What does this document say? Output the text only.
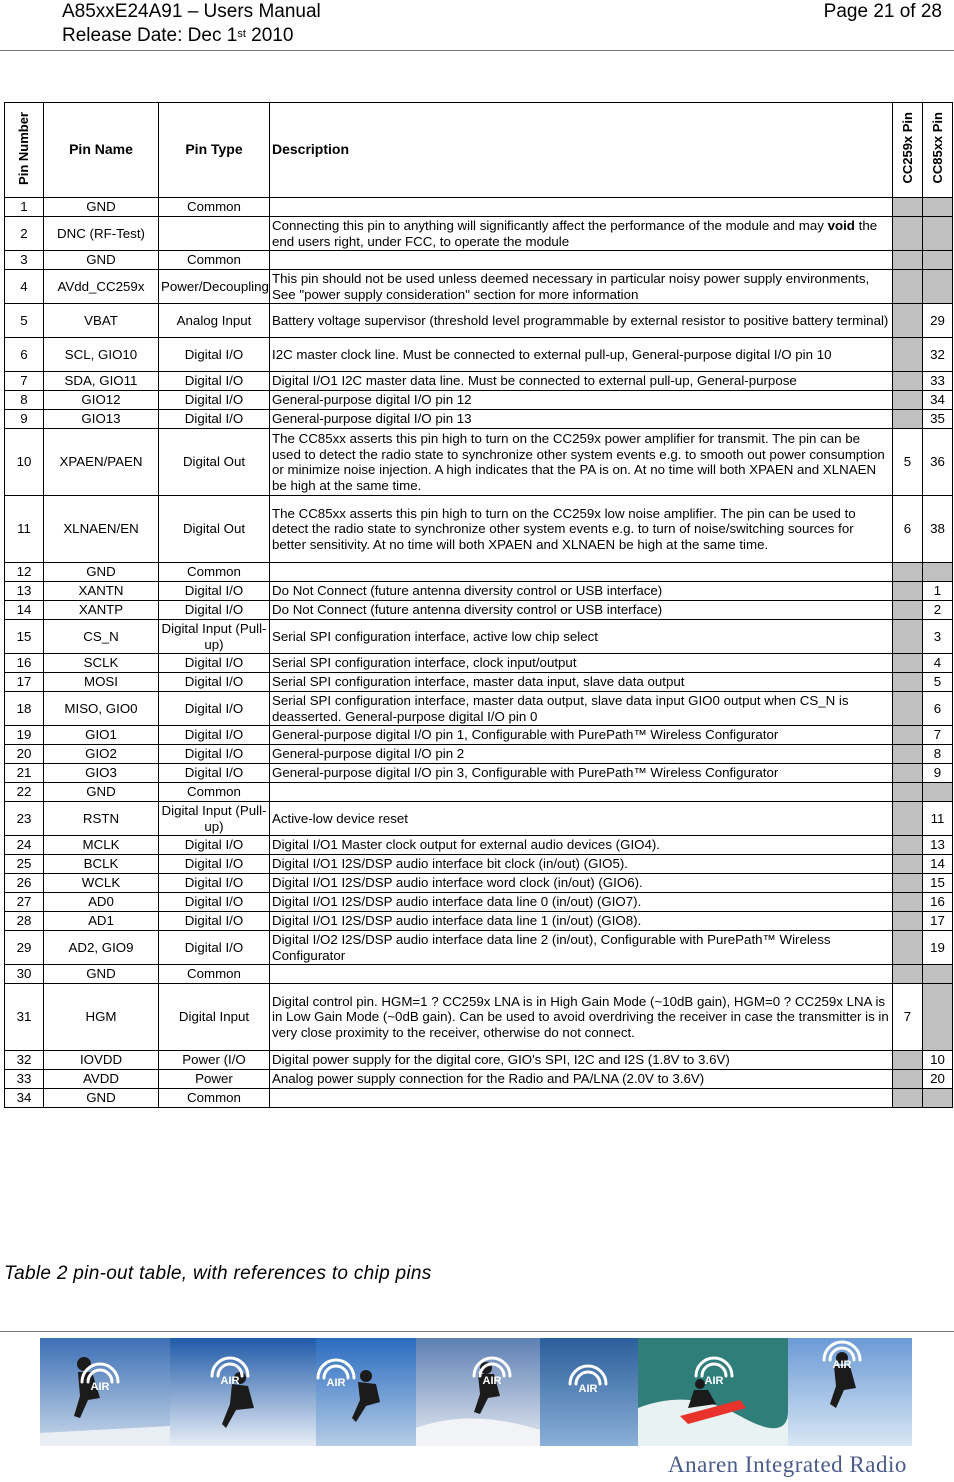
A85xxE24A91 – Users Manual
Release Date: Dec 1st 2010
Page 21 of 28
Pin Number	Pin Name	Pin Type	Description	CC259x Pin	CC85xx Pin
1	GND	Common			
2	DNC (RF-Test)		Connecting this pin to anything will significantly affect the performance of the module and may void the end users right, under FCC, to operate the module		
3	GND	Common			
4	AVdd_CC259x	Power/Decoupling	This pin should not be used unless deemed necessary in particular noisy power supply environments, See "power supply consideration" section for more information		
5	VBAT	Analog Input	Battery voltage supervisor (threshold level programmable by external resistor to positive battery terminal)		29
6	SCL, GIO10	Digital I/O	I2C master clock line. Must be connected to external pull-up, General-purpose digital I/O pin 10		32
7	SDA, GIO11	Digital I/O	Digital I/O1 I2C master data line. Must be connected to external pull-up, General-purpose		33
8	GIO12	Digital I/O	General-purpose digital I/O pin 12		34
9	GIO13	Digital I/O	General-purpose digital I/O pin 13		35
10	XPAEN/PAEN	Digital Out	The CC85xx asserts this pin high to turn on the CC259x power amplifier for transmit. The pin can be used to detect the radio state to synchronize other system events e.g. to smooth out power consumption or minimize noise injection. A high indicates that the PA is on. At no time will both XPAEN and XLNAEN be high at the same time.	5	36
11	XLNAEN/EN	Digital Out	The CC85xx asserts this pin high to turn on the CC259x low noise amplifier. The pin can be used to detect the radio state to synchronize other system events e.g. to turn of noise/switching sources for better sensitivity. At no time will both XPAEN and XLNAEN be high at the same time.	6	38
12	GND	Common			
13	XANTN	Digital I/O	Do Not Connect (future antenna diversity control or USB interface)		1
14	XANTP	Digital I/O	Do Not Connect (future antenna diversity control or USB interface)		2
15	CS_N	Digital Input (Pull-up)	Serial SPI configuration interface, active low chip select		3
16	SCLK	Digital I/O	Serial SPI configuration interface, clock input/output		4
17	MOSI	Digital I/O	Serial SPI configuration interface, master data input, slave data output		5
18	MISO, GIO0	Digital I/O	Serial SPI configuration interface, master data output, slave data input GIO0 output when CS_N is deasserted. General-purpose digital I/O pin 0		6
19	GIO1	Digital I/O	General-purpose digital I/O pin 1, Configurable with PurePath™ Wireless Configurator		7
20	GIO2	Digital I/O	General-purpose digital I/O pin 2		8
21	GIO3	Digital I/O	General-purpose digital I/O pin 3, Configurable with PurePath™ Wireless Configurator		9
22	GND	Common			
23	RSTN	Digital Input (Pull-up)	Active-low device reset		11
24	MCLK	Digital I/O	Digital I/O1 Master clock output for external audio devices (GIO4).		13
25	BCLK	Digital I/O	Digital I/O1 I2S/DSP audio interface bit clock (in/out) (GIO5).		14
26	WCLK	Digital I/O	Digital I/O1 I2S/DSP audio interface word clock (in/out) (GIO6).		15
27	AD0	Digital I/O	Digital I/O1 I2S/DSP audio interface data line 0 (in/out) (GIO7).		16
28	AD1	Digital I/O	Digital I/O1 I2S/DSP audio interface data line 1 (in/out) (GIO8).		17
29	AD2, GIO9	Digital I/O	Digital I/O2 I2S/DSP audio interface data line 2 (in/out), Configurable with PurePath™ Wireless Configurator		19
30	GND	Common			
31	HGM	Digital Input	Digital control pin. HGM=1 ? CC259x LNA is in High Gain Mode (~10dB gain), HGM=0 ? CC259x LNA is in Low Gain Mode (~0dB gain). Can be used to avoid overdriving the receiver in case the transmitter is in very close proximity to the receiver, otherwise do not connect.	7	
32	IOVDD	Power (I/O	Digital power supply for the digital core, GIO's SPI, I2C and I2S (1.8V to 3.6V)		10
33	AVDD	Power	Analog power supply connection for the Radio and PA/LNA (2.0V to 3.6V)		20
34	GND	Common			
Table 2 pin-out table, with references to chip pins
AIR	AIR	AIR	AIR
AIR
AIR
AIR
Anaren Integrated Radio
